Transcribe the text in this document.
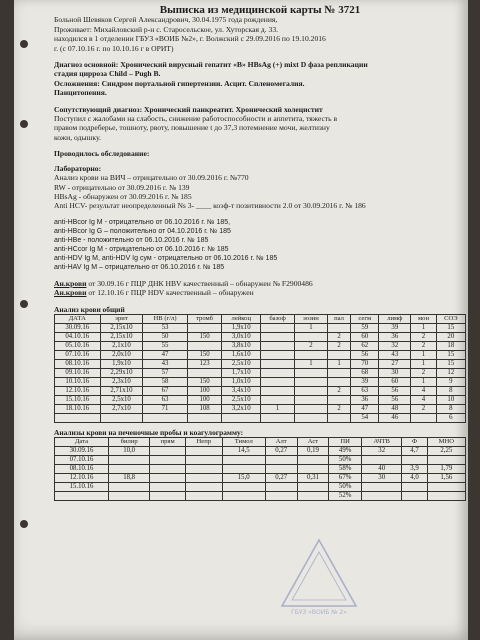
Выписка из медицинской карты № 3721

Больной Шевяков Сергей Александрович, 30.04.1975 года рождения,

Проживает: Михайловский р-н с. Старосельское, ул. Хуторская д. 33.

находился в 1 отделении ГБУЗ «ВОИБ №2», г. Волжский с 29.09.2016 по 19.10.2016

г. (с 07.10.16 г. по 10.10.16 г в ОРИТ)

Диагноз основной: Хронический вирусный гепатит «В» HBsAg (+) mixt D фаза репликации

стадия цирроза Child – Pugh B.

Осложнения: Синдром портальной гипертензии. Асцит. Спленомегалия.

Панцитопения.

Сопутствующий диагноз: Хронический панкреатит. Хронический холецистит

Поступил с жалобами на слабость, снижение работоспособности и аппетита, тяжесть в

правом подреберье, тошноту, рвоту, повышение t до 37,3 потемнение мочи, желтизну

кожи, одышку.

Проводилось обследование:

Лабораторно:

Анализ крови на ВИЧ – отрицательно от 30.09.2016 г. №770

RW - отрицательно от 30.09.2016 г. № 139

HBsAg - обнаружен от 30.09.2016 г. № 185

Anti HCV- результат неопределенный Ns 3- ____ коэф-т позитивности 2.0 от 30.09.2016 г. № 186

anti-HBcor Ig M - отрицательно от 06.10.2016 г. № 185,

anti-HBcor Ig G – положительно от 04.10.2016 г. № 185

anti-HBe - положительно от 06.10.2016 г. № 185

anti-HCcor Ig M - отрицательно от 06.10.2016 г. № 185

anti-HDV Ig M, anti-HDV Ig сум - отрицательно от 06.10.2016 г. № 185

anti-HAV Ig M – отрицательно от 06.10.2016 г. № 185

Ан.крови от 30.09.16 г ПЦР ДНК HBV качественный – обнаружен № F2900486

Ан.крови от 12.10.16 г ПЦР HDV качественный – обнаружен

Анализ крови общий

ДАТА	эрит	НВ (г/л)	тромб	лейкоц	базоф	эозин	пал	сегм	лимф	мон	СОЭ
30.09.16	2,15х10	53		1,9х10		1		59	39	1	15
04.10.16	2,15х10	50	150	3,0х10			2	60	36	2	20
05.10.16	2,1х10	55		3,8х10		2	2	62	32	2	18
07.10.16	2,0х10	47	150	1,6х10				56	43	1	15
08.10.16	1,9х10	43	123	2,5х10		1	1	70	27	1	15
09.10.16	2,29х10	57		1,7х10				68	30	2	12
10.10.16	2,3х10	58	150	1,0х10				39	60	1	9
12.10.16	2,71х10	67	100	3,4х10			2	63	56	4	8
15.10.16	2,5х10	63	100	2,5х10				36	56	4	10
18.10.16	2,7х10	71	108	3,2х10	1		2	47	48	2	8
								54	46		6

Анализы крови на печеночные пробы и коагулограмму:

Дата	билир	прям	Непр	Тимол	Алт	Аст	ПИ	АЧТВ	Ф	МНО
30.09.16	10,0			14,5	0,27	0,19	49%	32	4,7	2,25
07.10.16							50%			
08.10.16							58%	40	3,9	1,79
12.10.16	18,8			15,0	0,27	0,31	67%	30	4,0	1,56
15.10.16							50%			
							52%			
ГБУЗ «ВОИБ № 2»
